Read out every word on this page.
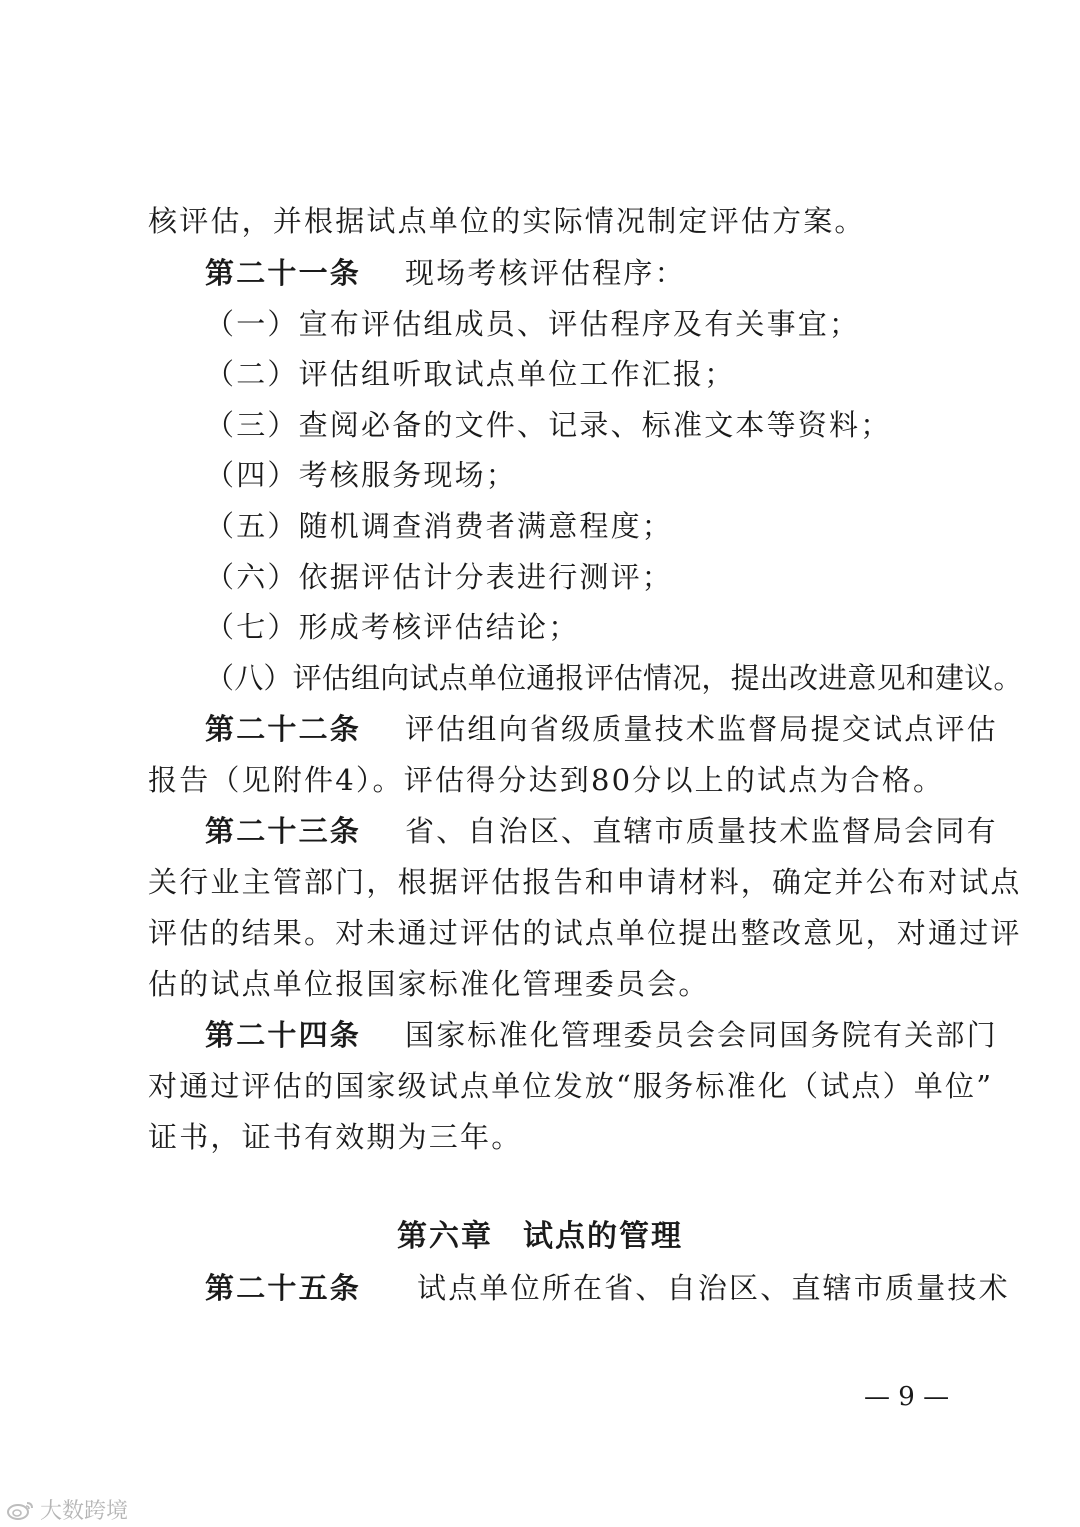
核评估，并根据试点单位的实际情况制定评估方案。
第二十一条 现场考核评估程序：
（一）宣布评估组成员、评估程序及有关事宜；
（二）评估组听取试点单位工作汇报；
（三）查阅必备的文件、记录、标准文本等资料；
（四）考核服务现场；
（五）随机调查消费者满意程度；
（六）依据评估计分表进行测评；
（七）形成考核评估结论；
（八）评估组向试点单位通报评估情况，提出改进意见和建议。
第二十二条 评估组向省级质量技术监督局提交试点评估
报告（见附件4）。评估得分达到80分以上的试点为合格。
第二十三条 省、自治区、直辖市质量技术监督局会同有
关行业主管部门，根据评估报告和申请材料，确定并公布对试点
评估的结果。对未通过评估的试点单位提出整改意见，对通过评
估的试点单位报国家标准化管理委员会。
第二十四条 国家标准化管理委员会会同国务院有关部门
对通过评估的国家级试点单位发放“服务标准化（试点）单位”
证书，证书有效期为三年。
第六章 试点的管理
第二十五条 试点单位所在省、自治区、直辖市质量技术
— 9 —
大数跨境
